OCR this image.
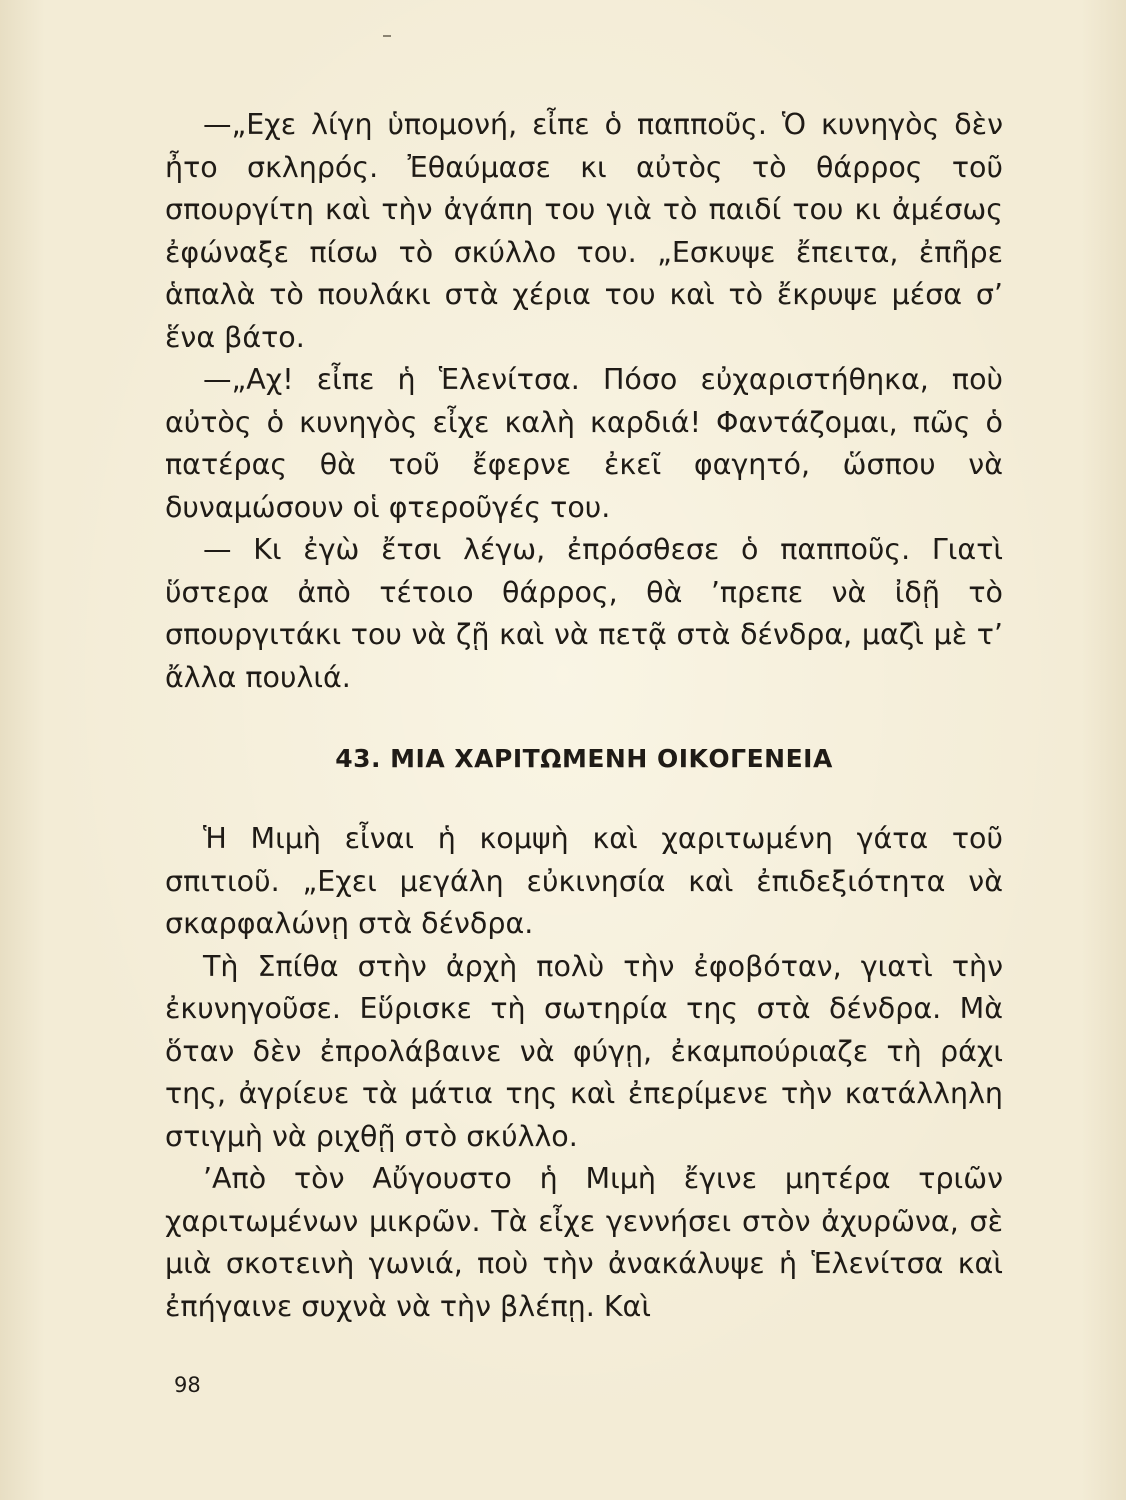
—„Εχε λίγη ὑπομονή, εἶπε ὁ παπποῦς. Ὁ κυνηγὸς δὲν ἦτο σκληρός. Ἐθαύμασε κι αὐτὸς τὸ θάρρος τοῦ σπουργίτη καὶ τὴν ἀγάπη του γιὰ τὸ παιδί του κι ἀμέσως ἐφώναξε πίσω τὸ σκύλλο του. „Εσκυψε ἔπειτα, ἐπῆρε ἁπαλὰ τὸ πουλάκι στὰ χέρια του καὶ τὸ ἔκρυψε μέσα σ’ ἕνα βάτο.

—„Αχ! εἶπε ἡ Ἑλενίτσα. Πόσο εὐχαριστήθηκα, ποὺ αὐτὸς ὁ κυνηγὸς εἶχε καλὴ καρδιά! Φαντάζομαι, πῶς ὁ πατέρας θὰ τοῦ ἔφερνε ἐκεῖ φαγητό, ὥσπου νὰ δυναμώσουν οἱ φτεροῦγές του.

— Κι ἐγὼ ἔτσι λέγω, ἐπρόσθεσε ὁ παπποῦς. Γιατὶ ὕστερα ἀπὸ τέτοιο θάρρος, θὰ ’πρεπε νὰ ἰδῇ τὸ σπουργιτάκι του νὰ ζῇ καὶ νὰ πετᾷ στὰ δένδρα, μαζὶ μὲ τ’ ἄλλα πουλιά.

43. ΜΙΑ ΧΑΡΙΤΩΜΕΝΗ ΟΙΚΟΓΕΝΕΙΑ

Ἡ Μιμὴ εἶναι ἡ κομψὴ καὶ χαριτωμένη γάτα τοῦ σπιτιοῦ. „Εχει μεγάλη εὐκινησία καὶ ἐπιδεξιότητα νὰ σκαρφαλώνῃ στὰ δένδρα.

Τὴ Σπίθα στὴν ἀρχὴ πολὺ τὴν ἐφοβόταν, γιατὶ τὴν ἐκυνηγοῦσε. Εὕρισκε τὴ σωτηρία της στὰ δένδρα. Μὰ ὅταν δὲν ἐπρολάβαινε νὰ φύγῃ, ἐκαμπούριαζε τὴ ράχι της, ἀγρίευε τὰ μάτια της καὶ ἐπερίμενε τὴν κατάλληλη στιγμὴ νὰ ριχθῇ στὸ σκύλλο.

’Απὸ τὸν Αὔγουστο ἡ Μιμὴ ἔγινε μητέρα τριῶν χαριτωμένων μικρῶν. Τὰ εἶχε γεννήσει στὸν ἀχυρῶνα, σὲ μιὰ σκοτεινὴ γωνιά, ποὺ τὴν ἀνακάλυψε ἡ Ἑλενίτσα καὶ ἐπήγαινε συχνὰ νὰ τὴν βλέπῃ. Καὶ

98
